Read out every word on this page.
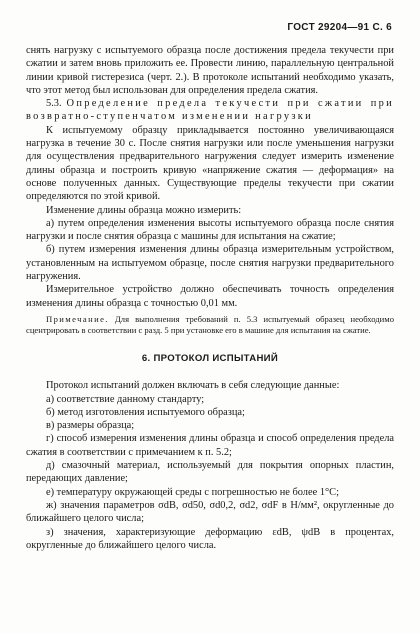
ГОСТ 29204—91 С. 6

снять нагрузку с испытуемого образца после достижения предела текучести при сжатии и затем вновь приложить ее. Провести линию, параллельную центральной линии кривой гистерезиса (черт. 2.). В протоколе испытаний необходимо указать, что этот метод был использован для определения предела сжатия.

5.3. Определение предела текучести при сжатии при возвратно-ступенчатом изменении нагрузки

К испытуемому образцу прикладывается постоянно увеличивающаяся нагрузка в течение 30 с. После снятия нагрузки или после уменьшения нагрузки для осуществления предварительного нагружения следует измерить изменение длины образца и построить кривую «напряжение сжатия — деформация» на основе полученных данных. Существующие пределы текучести при сжатии определяются по этой кривой.

Изменение длины образца можно измерить:

а) путем определения изменения высоты испытуемого образца после снятия нагрузки и после снятия образца с машины для испытания на сжатие;

б) путем измерения изменения длины образца измерительным устройством, установленным на испытуемом образце, после снятия нагрузки предварительного нагружения.

Измерительное устройство должно обеспечивать точность определения изменения длины образца с точностью 0,01 мм.

Примечание. Для выполнения требований п. 5.3 испытуемый образец необходимо сцентрировать в соответствии с разд. 5 при установке его в машине для испытания на сжатие.

6. ПРОТОКОЛ ИСПЫТАНИЙ

Протокол испытаний должен включать в себя следующие данные:

а) соответствие данному стандарту;

б) метод изготовления испытуемого образца;

в) размеры образца;

г) способ измерения изменения длины образца и способ определения предела сжатия в соответствии с примечанием к п. 5.2;

д) смазочный материал, используемый для покрытия опорных пластин, передающих давление;

е) температуру окружающей среды с погрешностью не более 1°С;

ж) значения параметров σdB, σd50, σd0,2, σd2, σdF в Н/мм², округленные до ближайшего целого числа;

з) значения, характеризующие деформацию εdB, ψdB в процентах, округленные до ближайшего целого числа.
